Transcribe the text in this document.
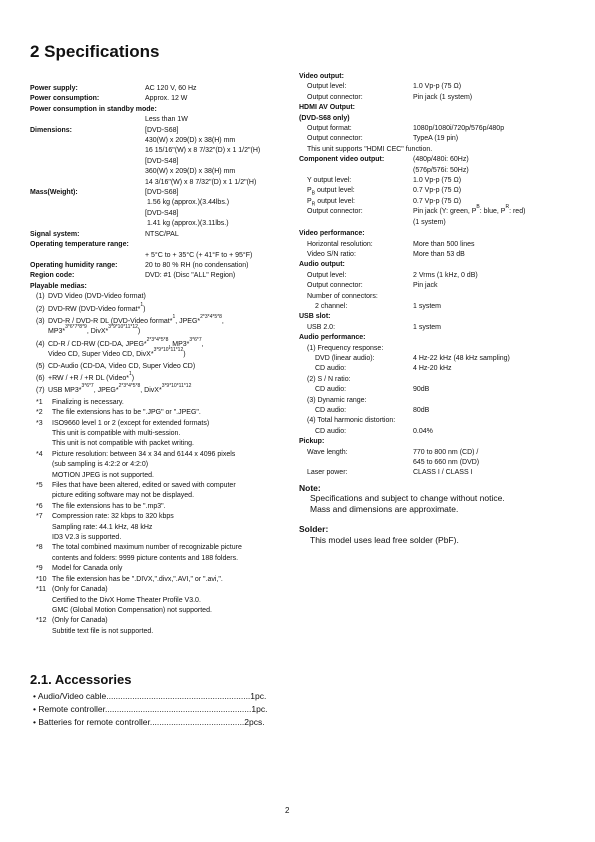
2 Specifications
Power supply:	AC 120 V, 60 Hz
Power consumption:	Approx. 12 W
Power consumption in standby mode:
Less than 1W
Dimensions:	[DVD-S68]
430(W) x 209(D) x 38(H) mm
16 15/16"(W) x 8 7/32"(D) x 1 1/2"(H)
[DVD-S48]
360(W) x 209(D) x 38(H) mm
14 3/16"(W) x 8 7/32"(D) x 1 1/2"(H)
Mass(Weight):	[DVD-S68]
1.56 kg (approx.)(3.44lbs.)
[DVD-S48]
1.41 kg (approx.)(3.11lbs.)
Signal system:	NTSC/PAL
Operating temperature range:
+ 5°C to + 35°C (+ 41°F to + 95°F)
Operating humidity range:	20 to 80 % RH (no condensation)
Region code:	DVD: #1 (Disc "ALL" Region)
Playable medias:
(1) DVD Video (DVD-Video format)
(2) DVD-RW (DVD-Video format*
1
)
(3) DVD-R / DVD-R DL (DVD-Video format*
1
, JPEG*
2*3*4*5*8
,
MP3*
3*6*7*8*9
, DivX*
3*9*10*11*12
)
(4) CD-R / CD-RW (CD-DA, JPEG*
2*3*4*5*8
, MP3*
3*6*7
,
Video CD, Super Video CD, DivX*
3*9*10*11*12
)
(5) CD-Audio (CD-DA, Video CD, Super Video CD)
(6) +RW / +R / +R DL (Video*
1
)
(7) USB MP3*
3*6*7
, JPEG*
2*3*4*5*8
, DivX*
3*9*10*11*12
*1	Finalizing is necessary.
*2	The file extensions has to be ".JPG" or ".JPEG".
*3	ISO9660 level 1 or 2 (except for extended formats)
This unit is compatible with multi-session.
This unit is not compatible with packet writing.
*4	Picture resolution: between 34 x 34 and 6144 x 4096 pixels
(sub sampling is 4:2:2 or 4:2:0)
MOTION JPEG is not supported.
*5	Files that have been altered, edited or saved with computer
picture editing software may not be displayed.
*6	The file extensions has to be ".mp3".
*7	Compression rate: 32 kbps to 320 kbps
Sampling rate: 44.1 kHz, 48 kHz
ID3 V2.3 is supported.
*8	The total combined maximum number of recognizable picture
contents and folders: 9999 picture contents and 188 folders.
*9	Model for Canada only
*10 The file extension has be ".DIVX,".divx,".AVI," or ".avi,".
*11 (Only for Canada)
Certified to the DivX Home Theater Profile V3.0.
GMC (Global Motion Compensation) not supported.
*12 (Only for Canada)
Subtitle text file is not supported.
Video output:
Output level:	1.0 Vp-p (75 Ω)
Output connector:	Pin jack (1 system)
HDMI AV Output:
(DVD-S68 only)
Output format:	1080p/1080i/720p/576p/480p
Output connector:	TypeA (19 pin)
This unit supports "HDMI CEC" function.
Component video output:	(480p/480i: 60Hz)
(576p/576i: 50Hz)
Y output level:	1.0 Vp-p (75 Ω)
$P_B$ output level:	0.7 Vp-p (75 Ω)
$P_R$ output level:	0.7 Vp-p (75 Ω)
Output connector:	Pin jack (Y: green, P
B
: blue, P
R
: red)
(1 system)
Video performance:
Horizontal resolution:	More than 500 lines
Video S/N ratio:	More than 53 dB
Audio output:
Output level:	2 Vrms (1 kHz, 0 dB)
Output connector:	Pin jack
Number of connectors:
2 channel:	1 system
USB slot:
USB 2.0:	1 system
Audio performance:
(1) Frequency response:
DVD (linear audio):	4 Hz-22 kHz (48 kHz sampling)
CD audio:	4 Hz-20 kHz
(2) S / N ratio:
CD audio:	90dB
(3) Dynamic range:
CD audio:	80dB
(4) Total harmonic distortion:
CD audio:	0.04%
Pickup:
Wave length:	770 to 800 nm (CD) /
645 to 660 nm (DVD)
Laser power:	CLASS I / CLASS I
Note:
Specifications and subject to change without notice.
Mass and dimensions are approximate.
Solder:
This model uses lead free solder (PbF).
2.1. Accessories
• Audio/Video cable.............................................................1pc.
• Remote controller..............................................................1pc.
• Batteries for remote controller........................................2pcs.
2
